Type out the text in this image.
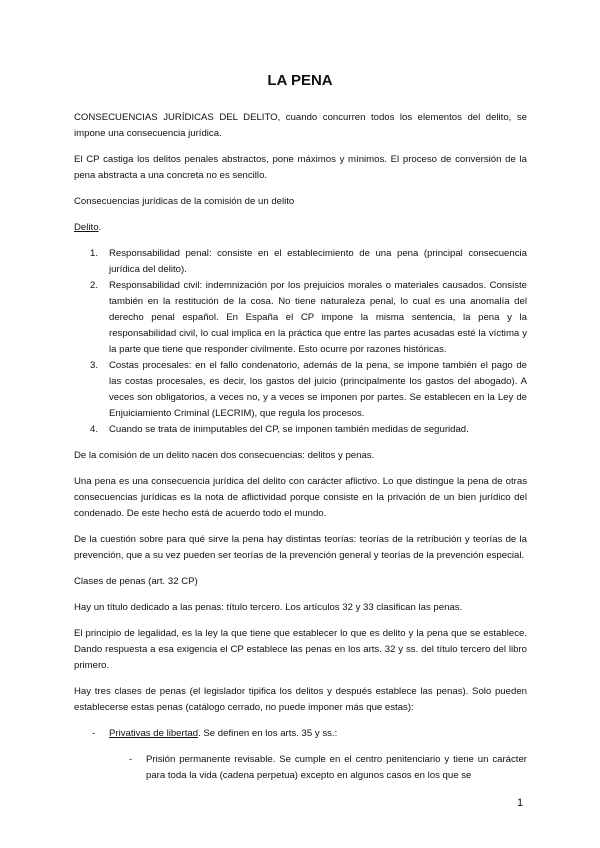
LA PENA

CONSECUENCIAS JURÍDICAS DEL DELITO, cuando concurren todos los elementos del delito, se impone una consecuencia jurídica.

El CP castiga los delitos penales abstractos, pone máximos y mínimos. El proceso de conversión de la pena abstracta a una concreta no es sencillo.

Consecuencias jurídicas de la comisión de un delito

Delito.

1. Responsabilidad penal: consiste en el establecimiento de una pena (principal consecuencia jurídica del delito).
2. Responsabilidad civil: indemnización por los prejuicios morales o materiales causados. Consiste también en la restitución de la cosa. No tiene naturaleza penal, lo cual es una anomalía del derecho penal español. En España el CP impone la misma sentencia, la pena y la responsabilidad civil, lo cual implica en la práctica que entre las partes acusadas esté la víctima y la parte que tiene que responder civilmente. Esto ocurre por razones históricas.
3. Costas procesales: en el fallo condenatorio, además de la pena, se impone también el pago de las costas procesales, es decir, los gastos del juicio (principalmente los gastos del abogado). A veces son obligatorios, a veces no, y a veces se imponen por partes. Se establecen en la Ley de Enjuiciamiento Criminal (LECRIM), que regula los procesos.
4. Cuando se trata de inimputables del CP, se imponen también medidas de seguridad.

De la comisión de un delito nacen dos consecuencias: delitos y penas.

Una pena es una consecuencia jurídica del delito con carácter aflictivo. Lo que distingue la pena de otras consecuencias jurídicas es la nota de aflictividad porque consiste en la privación de un bien jurídico del condenado. De este hecho está de acuerdo todo el mundo.

De la cuestión sobre para qué sirve la pena hay distintas teorías: teorías de la retribución y teorías de la prevención, que a su vez pueden ser teorías de la prevención general y teorías de la prevención especial.

Clases de penas (art. 32 CP)

Hay un título dedicado a las penas: título tercero. Los artículos 32 y 33 clasifican las penas.

El principio de legalidad, es la ley la que tiene que establecer lo que es delito y la pena que se establece. Dando respuesta a esa exigencia el CP establece las penas en los arts. 32 y ss. del título tercero del libro primero.

Hay tres clases de penas (el legislador tipifica los delitos y después establece las penas). Solo pueden establecerse estas penas (catálogo cerrado, no puede imponer más que estas):

- Privativas de libertad. Se definen en los arts. 35 y ss.:
- Prisión permanente revisable. Se cumple en el centro penitenciario y tiene un carácter para toda la vida (cadena perpetua) excepto en algunos casos en los que se
1
